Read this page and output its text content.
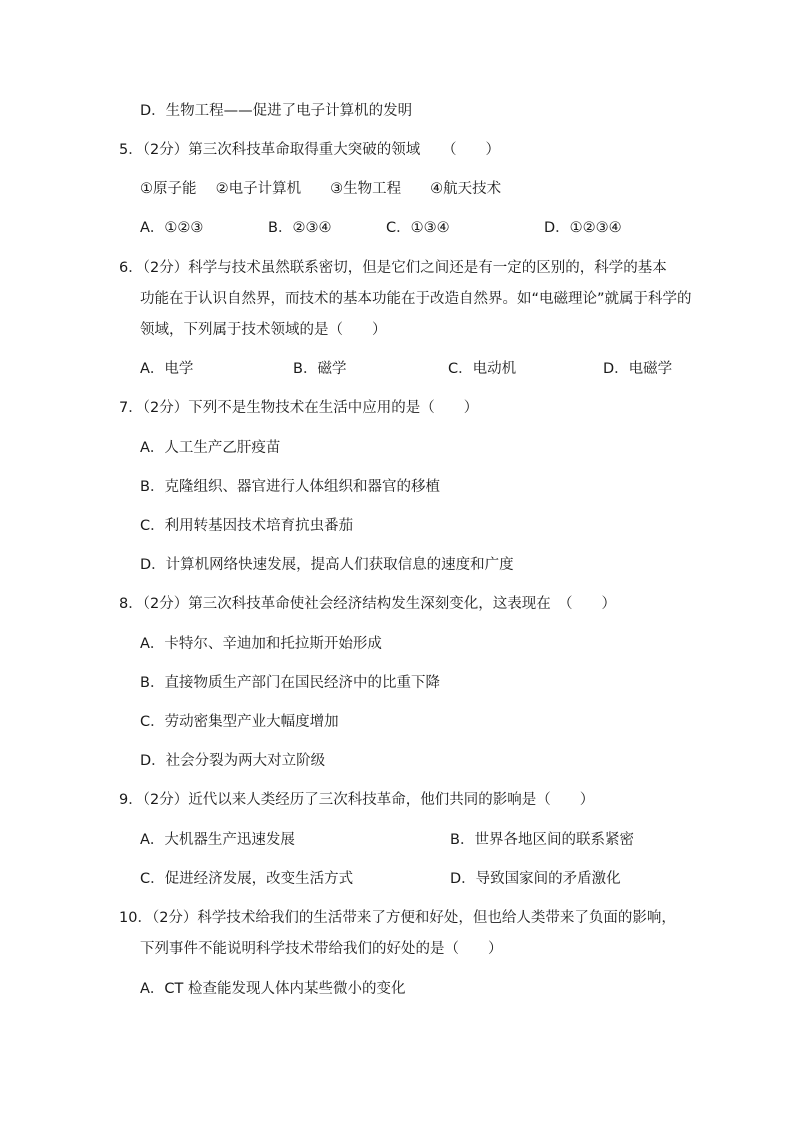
D．生物工程——促进了电子计算机的发明
5．（2分）第三次科技革命取得重大突破的领域　　（　　）
①原子能　 ②电子计算机　　③生物工程　　④航天技术
A．①②③	B．②③④	C．①③④	D．①②③④
6．（2分）科学与技术虽然联系密切，但是它们之间还是有一定的区别的，科学的基本
功能在于认识自然界，而技术的基本功能在于改造自然界。如“电磁理论”就属于科学的
领域，下列属于技术领域的是（　　）
A．电学	B．磁学	C．电动机	D．电磁学
7．（2分）下列不是生物技术在生活中应用的是（　　）
A．人工生产乙肝疫苗
B．克隆组织、器官进行人体组织和器官的移植
C．利用转基因技术培育抗虫番茄
D．计算机网络快速发展，提高人们获取信息的速度和广度
8．（2分）第三次科技革命使社会经济结构发生深刻变化，这表现在　（　　）
A．卡特尔、辛迪加和托拉斯开始形成
B．直接物质生产部门在国民经济中的比重下降
C．劳动密集型产业大幅度增加
D．社会分裂为两大对立阶级
9．（2分）近代以来人类经历了三次科技革命，他们共同的影响是（　　）
A．大机器生产迅速发展	B．世界各地区间的联系紧密
C．促进经济发展，改变生活方式	D．导致国家间的矛盾激化
10．（2分）科学技术给我们的生活带来了方便和好处，但也给人类带来了负面的影响，
下列事件不能说明科学技术带给我们的好处的是（　　）
A．CT 检查能发现人体内某些微小的变化
